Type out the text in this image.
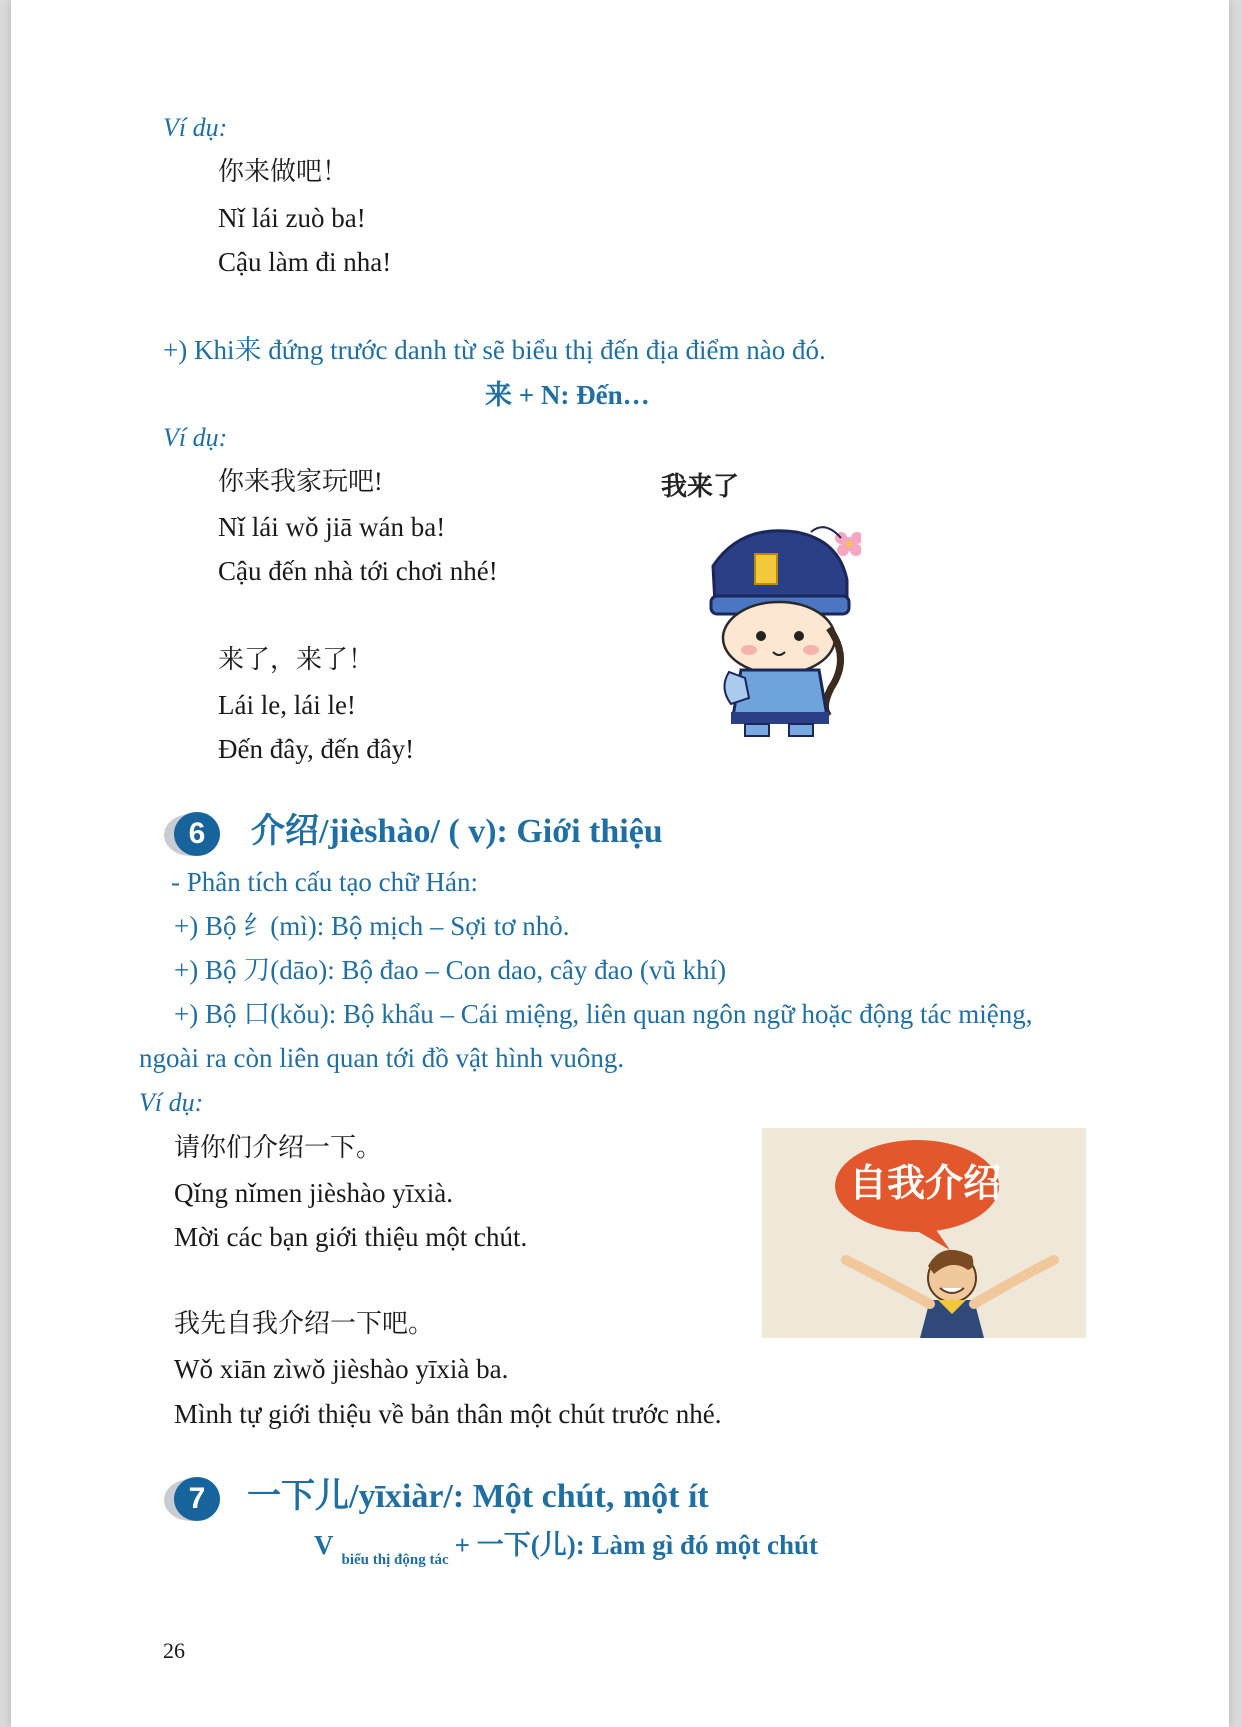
Ví dụ:
你来做吧！
Nǐ lái zuò ba!
Cậu làm đi nha!
+) Khi来 đứng trước danh từ sẽ biểu thị đến địa điểm nào đó.
来 + N: Đến…
Ví dụ:
你来我家玩吧!
Nǐ lái wǒ jiā wán ba!
Cậu đến nhà tới chơi nhé!
来了，来了！
Lái le, lái le!
Đến đây, đến đây!
我来了
6	介绍/jièshào/ ( v): Giới thiệu
- Phân tích cấu tạo chữ Hán:
+) Bộ 纟(mì): Bộ mịch – Sợi tơ nhỏ.
+) Bộ 刀(dāo): Bộ đao – Con dao, cây đao (vũ khí)
+) Bộ 口(kǒu): Bộ khẩu – Cái miệng, liên quan ngôn ngữ hoặc động tác miệng,
ngoài ra còn liên quan tới đồ vật hình vuông.
Ví dụ:
请你们介绍一下。
Qǐng nǐmen jièshào yīxià.
Mời các bạn giới thiệu một chút.
我先自我介绍一下吧。
Wǒ xiān zìwǒ jièshào yīxià ba.
Mình tự giới thiệu về bản thân một chút trước nhé.
自我介绍
7	一下儿/yīxiàr/: Một chút, một ít
V $_{biểu thị động tác}$ + 一下(儿): Làm gì đó một chút
26
